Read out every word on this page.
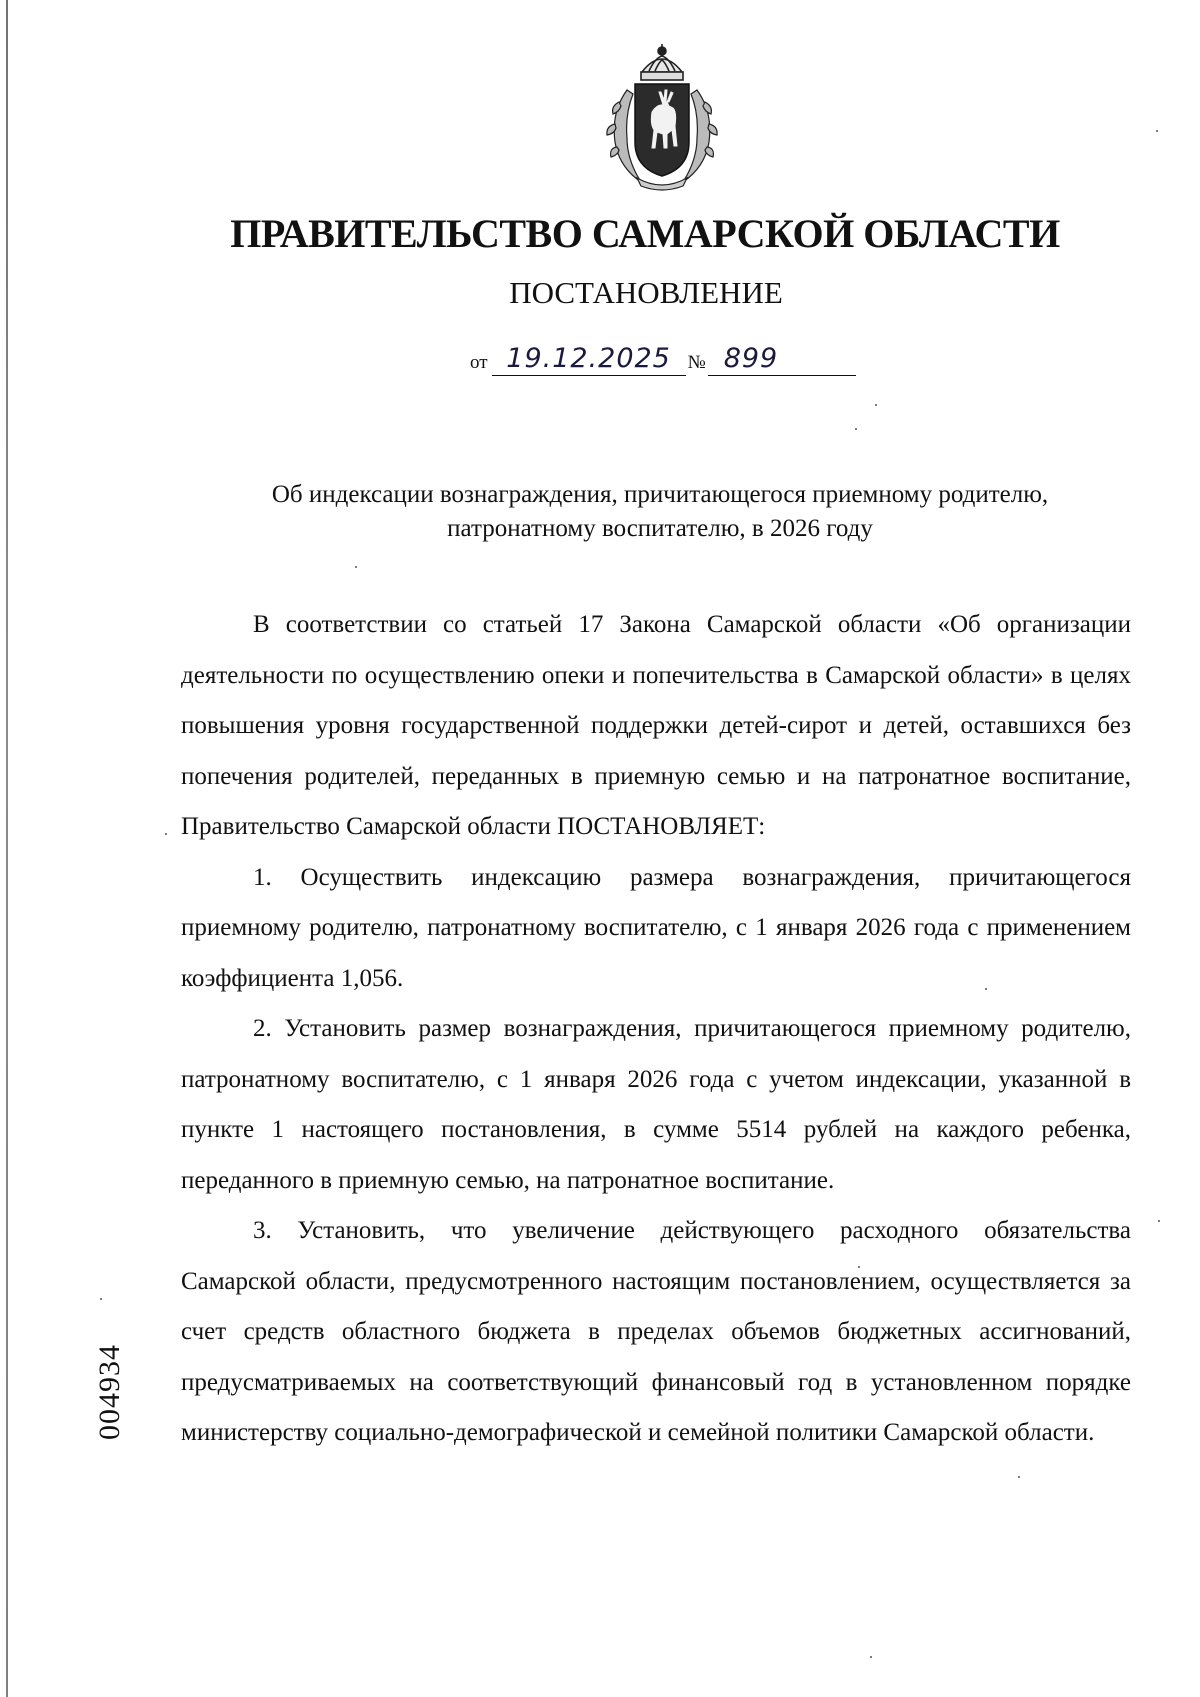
ПРАВИТЕЛЬСТВО САМАРСКОЙ ОБЛАСТИ
ПОСТАНОВЛЕНИЕ
от 19.12.2025 № 899
Об индексации вознаграждения, причитающегося приемному родителю,
патронатному воспитателю, в 2026 году

В соответствии со статьей 17 Закона Самарской области «Об организации деятельности по осуществлению опеки и попечительства в Самарской области» в целях повышения уровня государственной поддержки детей-сирот и детей, оставшихся без попечения родителей, переданных в приемную семью и на патронатное воспитание, Правительство Самарской области ПОСТАНОВЛЯЕТ:

1. Осуществить индексацию размера вознаграждения, причитающегося приемному родителю, патронатному воспитателю, с 1 января 2026 года с применением коэффициента 1,056.

2. Установить размер вознаграждения, причитающегося приемному родителю, патронатному воспитателю, с 1 января 2026 года с учетом индексации, указанной в пункте 1 настоящего постановления, в сумме 5514 рублей на каждого ребенка, переданного в приемную семью, на патронатное воспитание.

3. Установить, что увеличение действующего расходного обязательства Самарской области, предусмотренного настоящим постановлением, осуществляется за счет средств областного бюджета в пределах объемов бюджетных ассигнований, предусматриваемых на соответствующий финансовый год в установленном порядке министерству социально-демографической и семейной политики Самарской области.

004934
